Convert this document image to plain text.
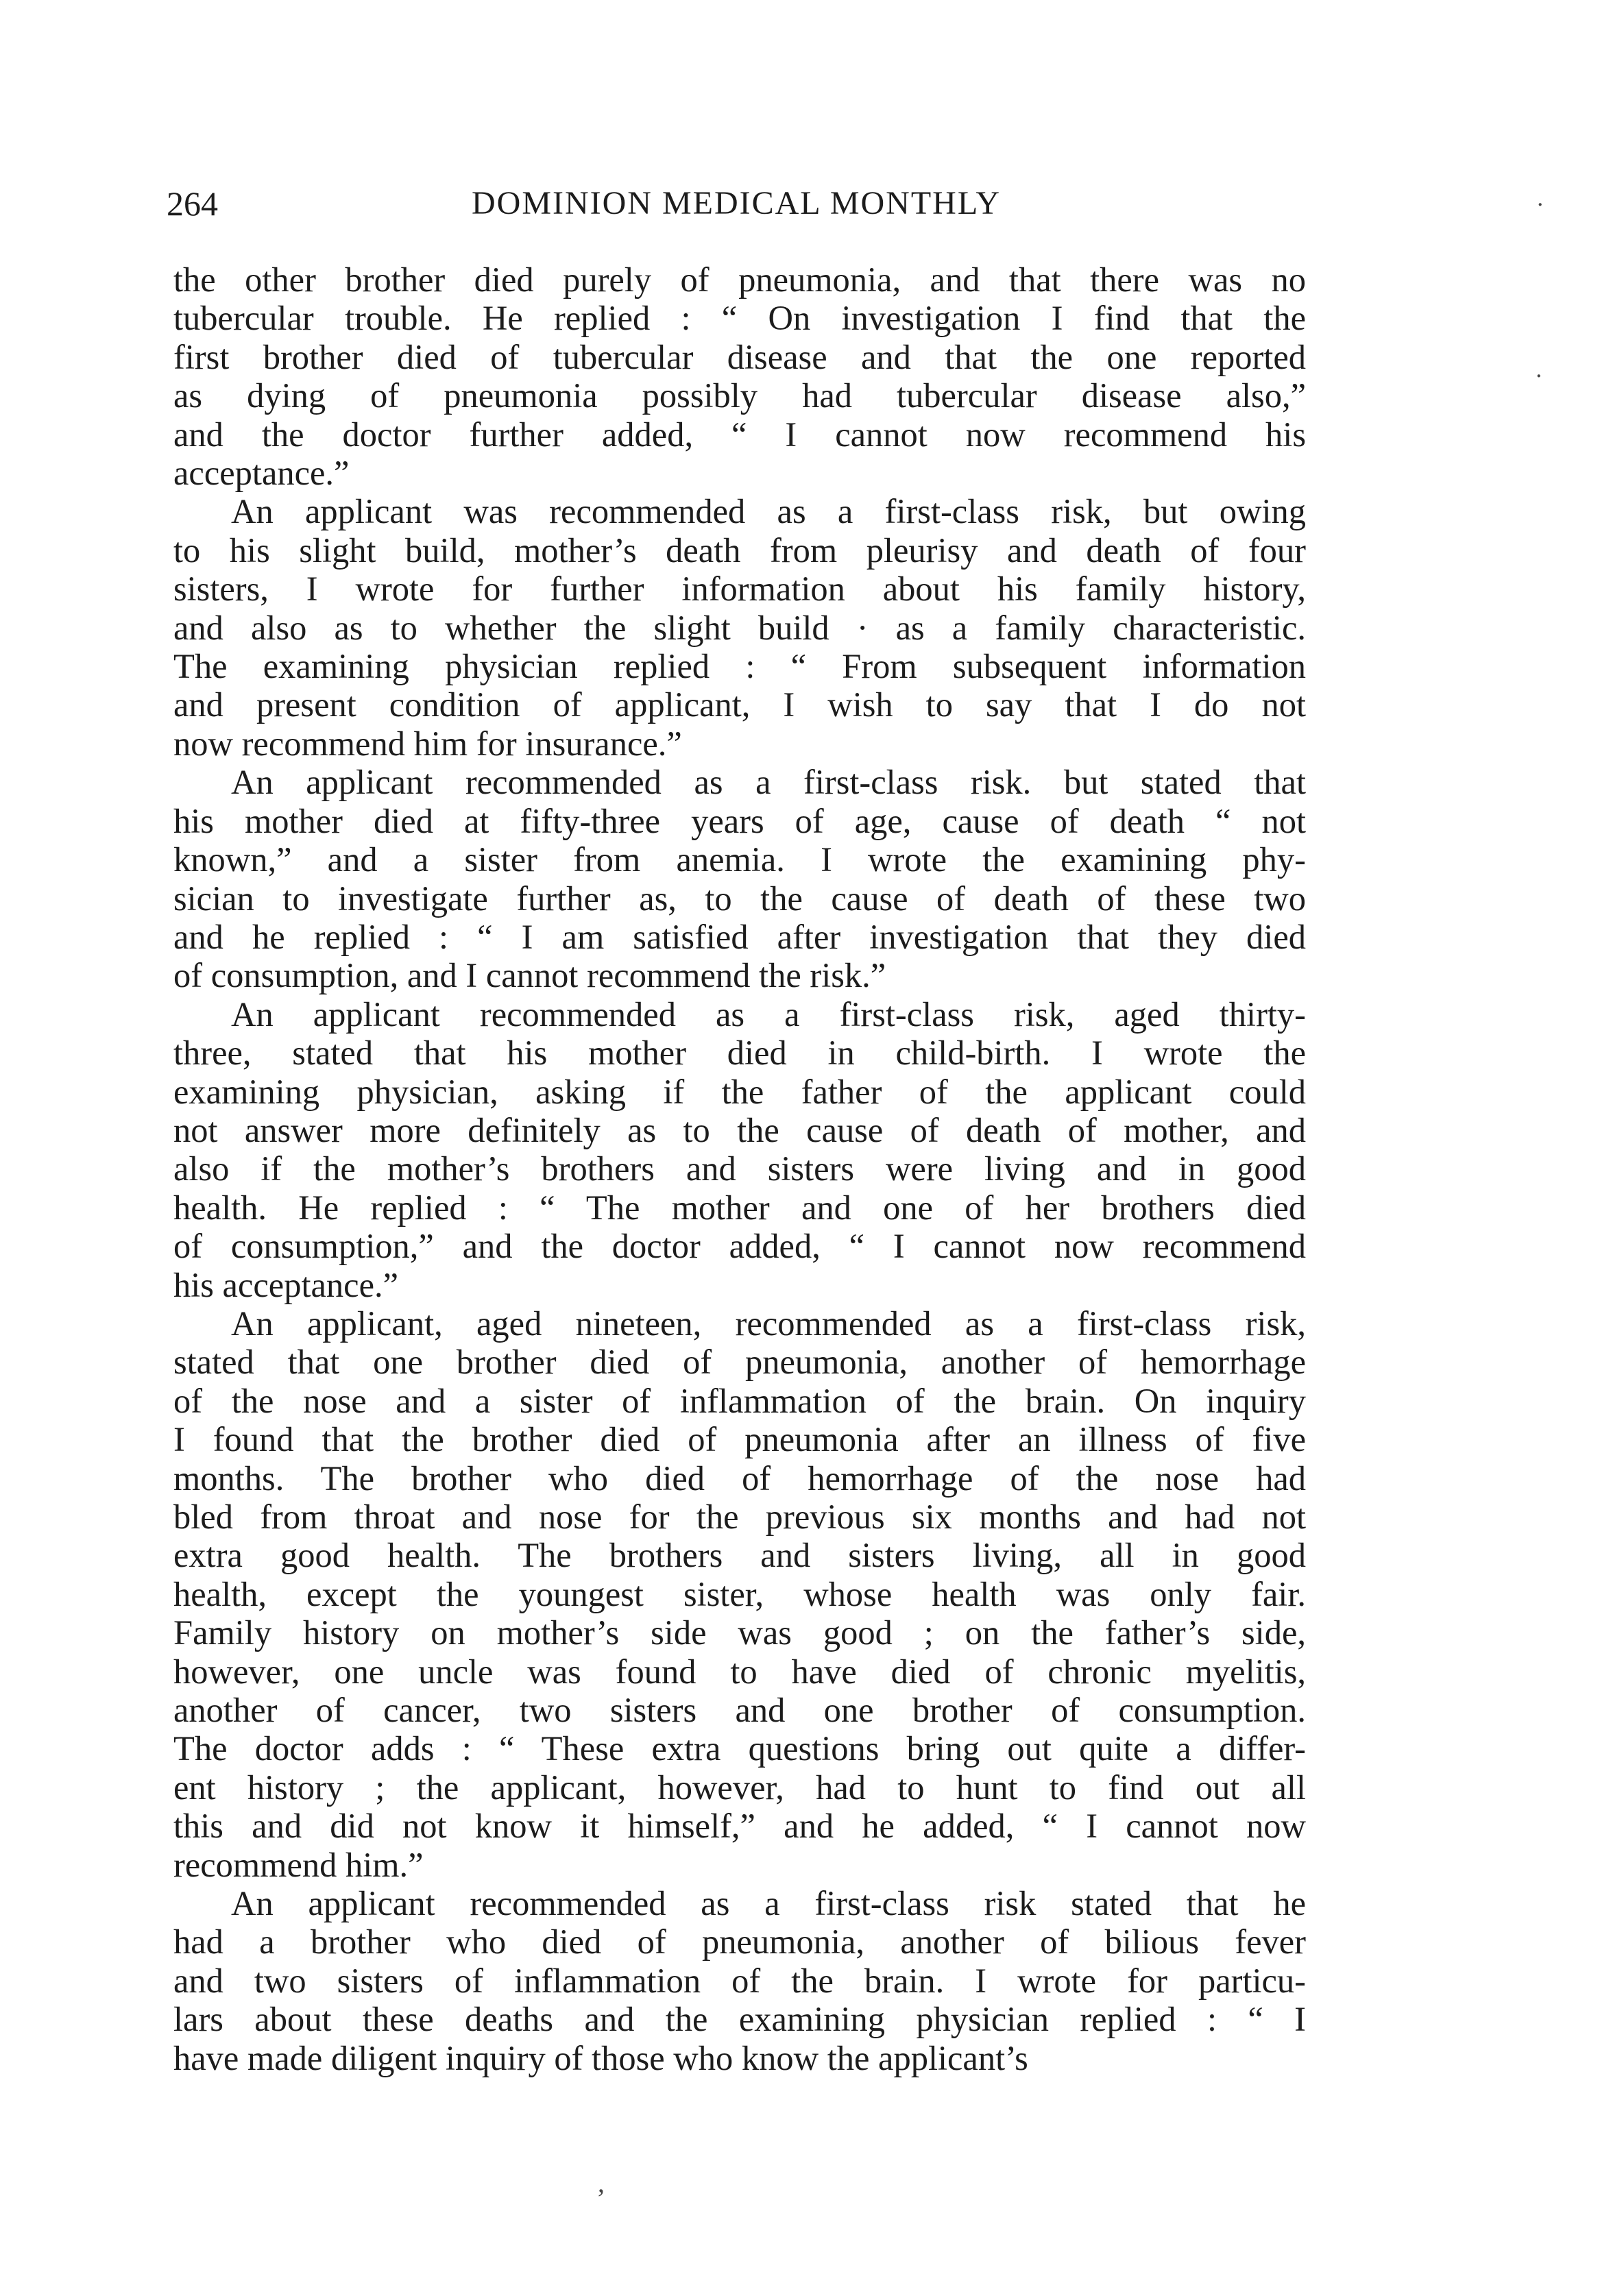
264	DOMINION MEDICAL MONTHLY

the other brother died purely of pneumonia, and that there was no
tubercular trouble. He replied : “ On investigation I find that the
first brother died of tubercular disease and that the one reported
as dying of pneumonia possibly had tubercular disease also,”
and the doctor further added, “ I cannot now recommend his
acceptance.”

An applicant was recommended as a first-class risk, but owing
to his slight build, mother’s death from pleurisy and death of four
sisters, I wrote for further information about his family history,
and also as to whether the slight build · as a family characteristic.
The examining physician replied : “ From subsequent information
and present condition of applicant, I wish to say that I do not
now recommend him for insurance.”

An applicant recommended as a first-class risk. but stated that
his mother died at fifty-three years of age, cause of death “ not
known,” and a sister from anemia. I wrote the examining phy-
sician to investigate further as, to the cause of death of these two
and he replied : “ I am satisfied after investigation that they died
of consumption, and I cannot recommend the risk.”

An applicant recommended as a first-class risk, aged thirty-
three, stated that his mother died in child-birth. I wrote the
examining physician, asking if the father of the applicant could
not answer more definitely as to the cause of death of mother, and
also if the mother’s brothers and sisters were living and in good
health. He replied : “ The mother and one of her brothers died
of consumption,” and the doctor added, “ I cannot now recommend
his acceptance.”

An applicant, aged nineteen, recommended as a first-class risk,
stated that one brother died of pneumonia, another of hemorrhage
of the nose and a sister of inflammation of the brain. On inquiry
I found that the brother died of pneumonia after an illness of five
months. The brother who died of hemorrhage of the nose had
bled from throat and nose for the previous six months and had not
extra good health. The brothers and sisters living, all in good
health, except the youngest sister, whose health was only fair.
Family history on mother’s side was good ; on the father’s side,
however, one uncle was found to have died of chronic myelitis,
another of cancer, two sisters and one brother of consumption.
The doctor adds : “ These extra questions bring out quite a differ-
ent history ; the applicant, however, had to hunt to find out all
this and did not know it himself,” and he added, “ I cannot now
recommend him.”

An applicant recommended as a first-class risk stated that he
had a brother who died of pneumonia, another of bilious fever
and two sisters of inflammation of the brain. I wrote for particu-
lars about these deaths and the examining physician replied : “ I
have made diligent inquiry of those who know the applicant’s

˙
˙
’
